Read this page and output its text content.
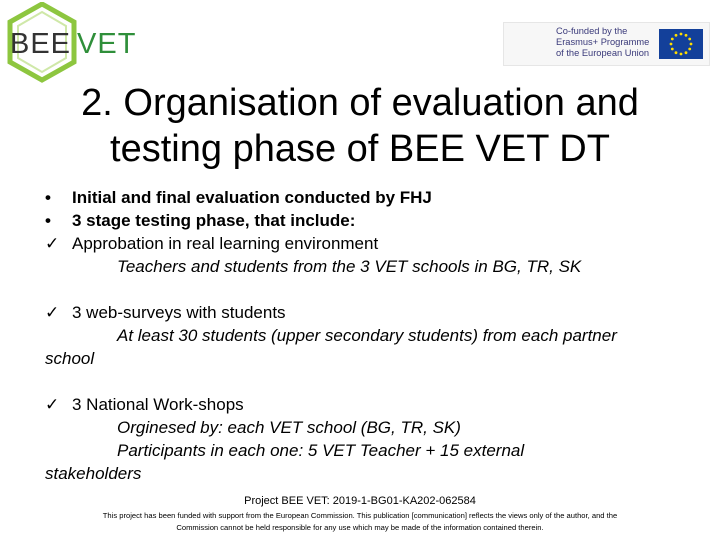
BEE VET	Co-funded by the
Erasmus+ Programme
of the European Union
2. Organisation of evaluation and
testing phase of BEE VET DT
• Initial and final evaluation conducted by FHJ
• 3 stage testing phase, that include:
✓ Approbation in real learning environment
Teachers and students from the 3 VET schools in BG, TR, SK
✓ 3 web-surveys with students
At least 30 students (upper secondary students) from each partner
school
✓ 3 National Work-shops
Orginesed by: each VET school (BG, TR, SK)
Participants in each one: 5 VET Teacher + 15 external
stakeholders
Project BEE VET: 2019-1-BG01-KA202-062584
This project has been funded with support from the European Commission. This publication [communication] reflects the views only of the author, and the
Commission cannot be held responsible for any use which may be made of the information contained therein.
